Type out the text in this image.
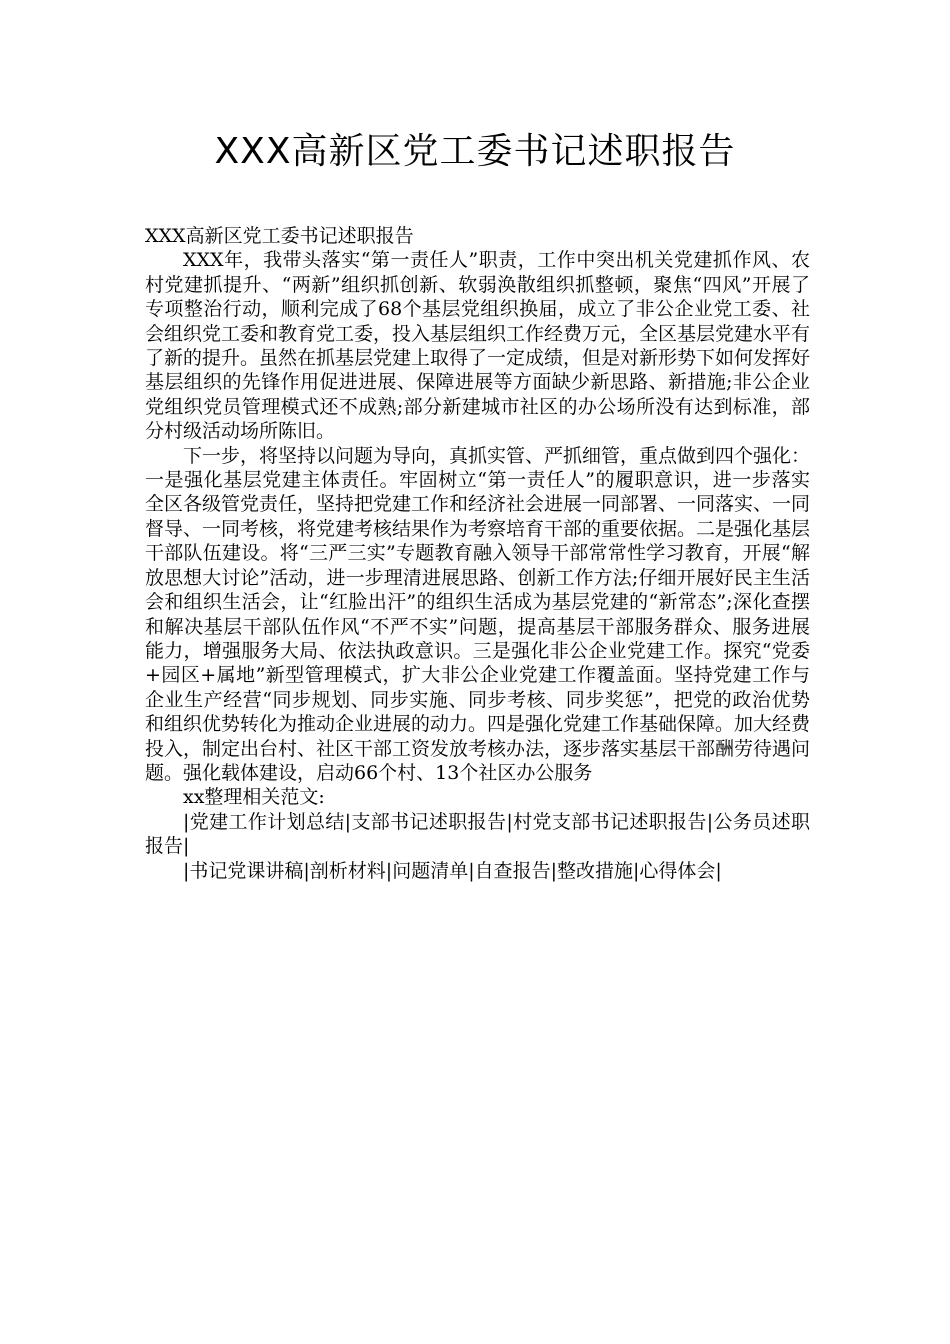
XXX高新区党工委书记述职报告

XXX高新区党工委书记述职报告

XXX年，我带头落实“第一责任人”职责，工作中突出机关党建抓作风、农村党建抓提升、“两新”组织抓创新、软弱涣散组织抓整顿，聚焦“四风”开展了专项整治行动，顺利完成了68个基层党组织换届，成立了非公企业党工委、社会组织党工委和教育党工委，投入基层组织工作经费万元，全区基层党建水平有了新的提升。虽然在抓基层党建上取得了一定成绩，但是对新形势下如何发挥好基层组织的先锋作用促进进展、保障进展等方面缺少新思路、新措施;非公企业党组织党员管理模式还不成熟;部分新建城市社区的办公场所没有达到标准，部分村级活动场所陈旧。

下一步，将坚持以问题为导向，真抓实管、严抓细管，重点做到四个强化：一是强化基层党建主体责任。牢固树立“第一责任人”的履职意识，进一步落实全区各级管党责任，坚持把党建工作和经济社会进展一同部署、一同落实、一同督导、一同考核，将党建考核结果作为考察培育干部的重要依据。二是强化基层干部队伍建设。将“三严三实”专题教育融入领导干部常常性学习教育，开展“解放思想大讨论”活动，进一步理清进展思路、创新工作方法;仔细开展好民主生活会和组织生活会，让“红脸出汗”的组织生活成为基层党建的“新常态”;深化查摆和解决基层干部队伍作风“不严不实”问题，提高基层干部服务群众、服务进展能力，增强服务大局、依法执政意识。三是强化非公企业党建工作。探究“党委+园区+属地”新型管理模式，扩大非公企业党建工作覆盖面。坚持党建工作与企业生产经营“同步规划、同步实施、同步考核、同步奖惩”，把党的政治优势和组织优势转化为推动企业进展的动力。四是强化党建工作基础保障。加大经费投入，制定出台村、社区干部工资发放考核办法，逐步落实基层干部酬劳待遇问题。强化载体建设，启动66个村、13个社区办公服务

xx整理相关范文:

|党建工作计划总结|支部书记述职报告|村党支部书记述职报告|公务员述职报告|

|书记党课讲稿|剖析材料|问题清单|自查报告|整改措施|心得体会|
